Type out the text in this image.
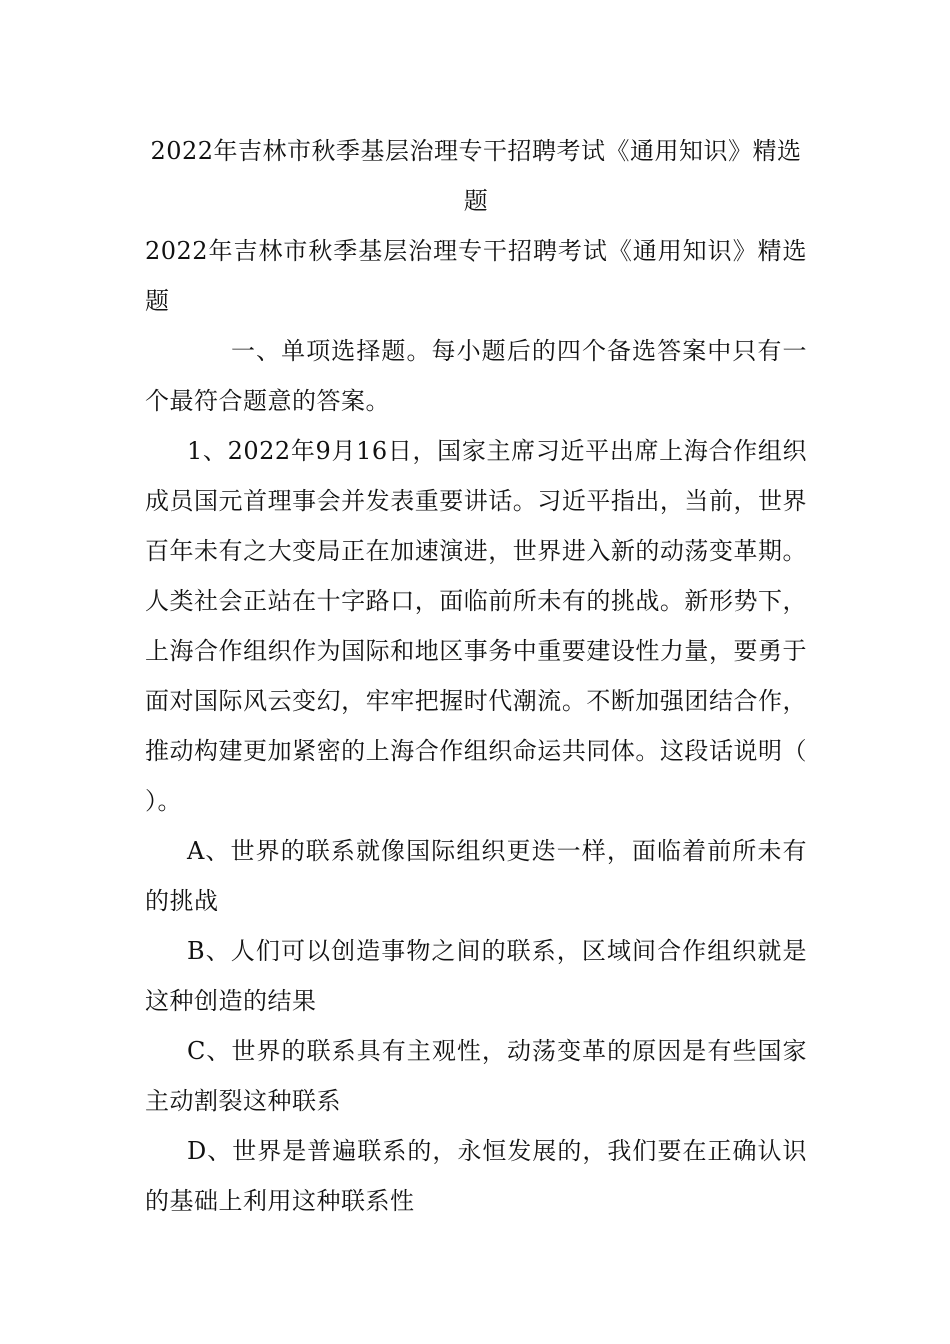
2022年吉林市秋季基层治理专干招聘考试《通用知识》精选题
2022年吉林市秋季基层治理专干招聘考试《通用知识》精选题

一、单项选择题。每小题后的四个备选答案中只有一个最符合题意的答案。

1、2022年9月16日，国家主席习近平出席上海合作组织成员国元首理事会并发表重要讲话。习近平指出，当前，世界百年未有之大变局正在加速演进，世界进入新的动荡变革期。人类社会正站在十字路口，面临前所未有的挑战。新形势下，上海合作组织作为国际和地区事务中重要建设性力量，要勇于面对国际风云变幻，牢牢把握时代潮流。不断加强团结合作，推动构建更加紧密的上海合作组织命运共同体。这段话说明（ ）。

A、世界的联系就像国际组织更迭一样，面临着前所未有的挑战

B、人们可以创造事物之间的联系，区域间合作组织就是这种创造的结果

C、世界的联系具有主观性，动荡变革的原因是有些国家主动割裂这种联系

D、世界是普遍联系的，永恒发展的，我们要在正确认识的基础上利用这种联系性
